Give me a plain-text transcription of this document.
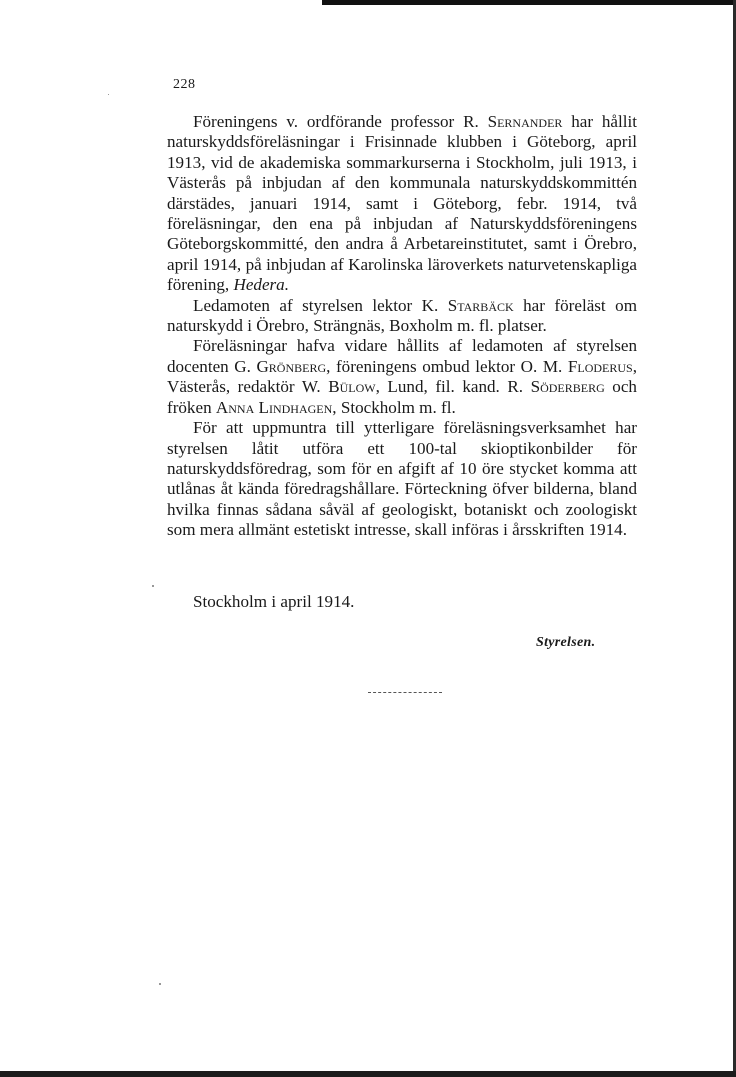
228

Föreningens v. ordförande professor R. Sernander har hållit naturskyddsföreläsningar i Frisinnade klubben i Göteborg, april 1913, vid de akademiska sommarkurserna i Stockholm, juli 1913, i Västerås på inbjudan af den kommunala naturskyddskommittén därstädes, januari 1914, samt i Göteborg, febr. 1914, två föreläsningar, den ena på inbjudan af Naturskyddsföreningens Göteborgskommitté, den andra å Arbetareinstitutet, samt i Örebro, april 1914, på inbjudan af Karolinska läroverkets naturvetenskapliga förening, Hedera.

Ledamoten af styrelsen lektor K. Starbäck har föreläst om naturskydd i Örebro, Strängnäs, Boxholm m. fl. platser.

Föreläsningar hafva vidare hållits af ledamoten af styrelsen docenten G. Grönberg, föreningens ombud lektor O. M. Floderus, Västerås, redaktör W. Bülow, Lund, fil. kand. R. Söderberg och fröken Anna Lindhagen, Stockholm m. fl.

För att uppmuntra till ytterligare föreläsningsverksamhet har styrelsen låtit utföra ett 100-tal skioptikonbilder för naturskyddsföredrag, som för en afgift af 10 öre stycket komma att utlånas åt kända föredragshållare. Förteckning öfver bilderna, bland hvilka finnas sådana såväl af geologiskt, botaniskt och zoologiskt som mera allmänt estetiskt intresse, skall införas i årsskriften 1914.

Stockholm i april 1914.
Styrelsen.
